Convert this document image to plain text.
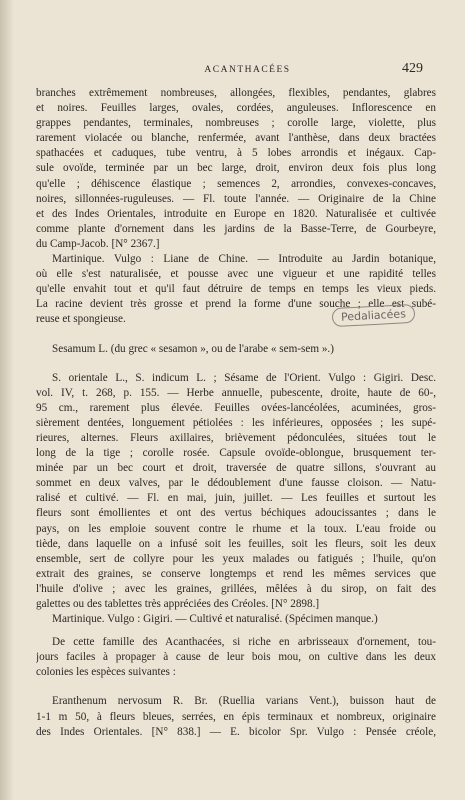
ACANTHACÉES	429
branches extrêmement nombreuses, allongées, flexibles, pendantes, glabres
et noires. Feuilles larges, ovales, cordées, anguleuses. Inflorescence en
grappes pendantes, terminales, nombreuses ; corolle large, violette, plus
rarement violacée ou blanche, renfermée, avant l'anthèse, dans deux bractées
spathacées et caduques, tube ventru, à 5 lobes arrondis et inégaux. Cap-
sule ovoïde, terminée par un bec large, droit, environ deux fois plus long
qu'elle ; déhiscence élastique ; semences 2, arrondies, convexes-concaves,
noires, sillonnées-ruguleuses. — Fl. toute l'année. — Originaire de la Chine
et des Indes Orientales, introduite en Europe en 1820. Naturalisée et cultivée
comme plante d'ornement dans les jardins de la Basse-Terre, de Gourbeyre,
du Camp-Jacob. [N° 2367.]
Martinique. Vulgo : Liane de Chine. — Introduite au Jardin botanique,
où elle s'est naturalisée, et pousse avec une vigueur et une rapidité telles
qu'elle envahit tout et qu'il faut détruire de temps en temps les vieux pieds.
La racine devient très grosse et prend la forme d'une souche ; elle est subé-
reuse et spongieuse.
Sesamum L. (du grec « sesamon », ou de l'arabe « sem-sem ».)
S. orientale L., S. indicum L. ; Sésame de l'Orient. Vulgo : Gigiri. Desc.
vol. IV, t. 268, p. 155. — Herbe annuelle, pubescente, droite, haute de 60-,
95 cm., rarement plus élevée. Feuilles ovées-lancéolées, acuminées, gros-
sièrement dentées, longuement pétiolées : les inférieures, opposées ; les supé-
rieures, alternes. Fleurs axillaires, brièvement pédonculées, situées tout le
long de la tige ; corolle rosée. Capsule ovoïde-oblongue, brusquement ter-
minée par un bec court et droit, traversée de quatre sillons, s'ouvrant au
sommet en deux valves, par le dédoublement d'une fausse cloison. — Natu-
ralisé et cultivé. — Fl. en mai, juin, juillet. — Les feuilles et surtout les
fleurs sont émollientes et ont des vertus béchiques adoucissantes ; dans le
pays, on les emploie souvent contre le rhume et la toux. L'eau froide ou
tiède, dans laquelle on a infusé soit les feuilles, soit les fleurs, soit les deux
ensemble, sert de collyre pour les yeux malades ou fatigués ; l'huile, qu'on
extrait des graines, se conserve longtemps et rend les mêmes services que
l'huile d'olive ; avec les graines, grillées, mêlées à du sirop, on fait des
galettes ou des tablettes très appréciées des Créoles. [N° 2898.]
Martinique. Vulgo : Gigiri. — Cultivé et naturalisé. (Spécimen manque.)
De cette famille des Acanthacées, si riche en arbrisseaux d'ornement, tou-
jours faciles à propager à cause de leur bois mou, on cultive dans les deux
colonies les espèces suivantes :
Eranthenum nervosum R. Br. (Ruellia varians Vent.), buisson haut de
1-1 m 50, à fleurs bleues, serrées, en épis terminaux et nombreux, originaire
des Indes Orientales. [N° 838.] — E. bicolor Spr. Vulgo : Pensée créole,
Pedaliacées
